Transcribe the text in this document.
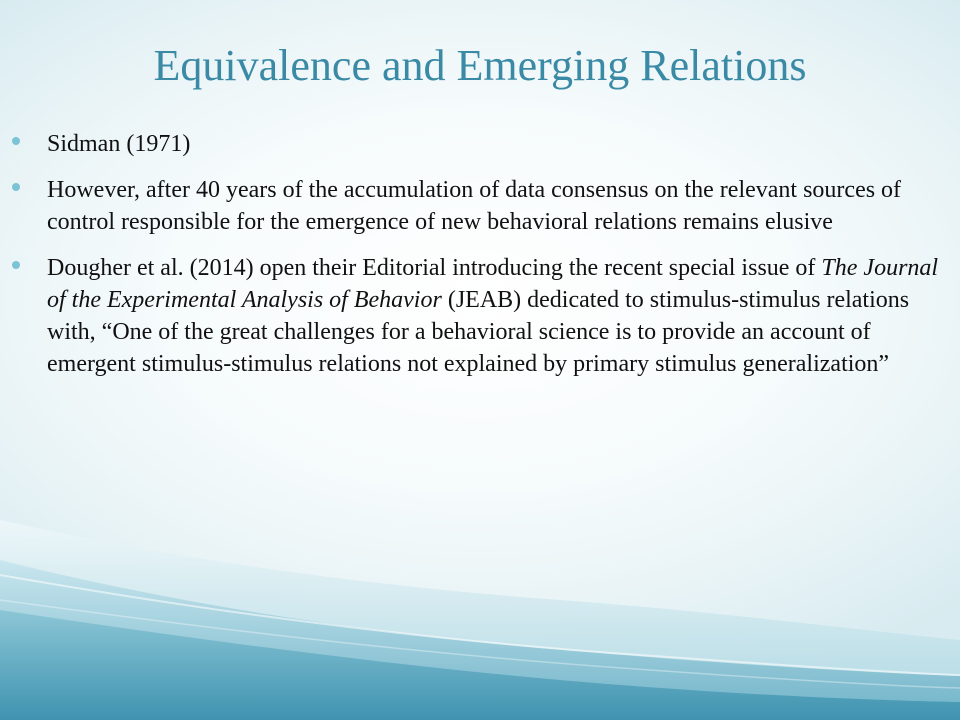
Equivalence and Emerging Relations
Sidman (1971)
However, after 40 years of the accumulation of data consensus on the relevant sources of control responsible for the emergence of new behavioral relations remains elusive
Dougher et al. (2014) open their Editorial introducing the recent special issue of The Journal of the Experimental Analysis of Behavior (JEAB) dedicated to stimulus-stimulus relations with, “One of the great challenges for a behavioral science is to provide an account of emergent stimulus-stimulus relations not explained by primary stimulus generalization”
